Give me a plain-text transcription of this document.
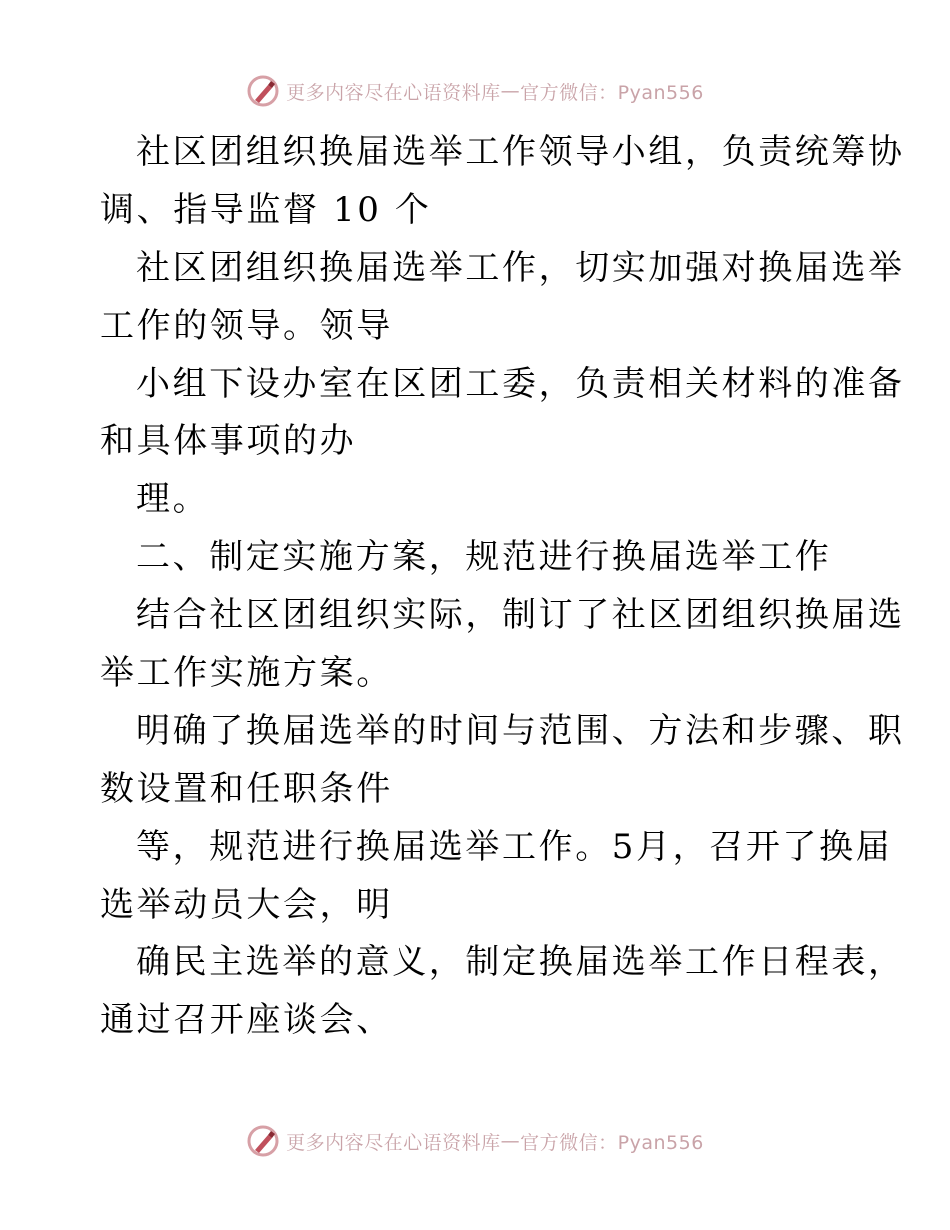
更多内容尽在心语资料库 — 官方微信：Pyan556
社区团组织换届选举工作领导小组，负责统筹协
调、指导监督 10 个
社区团组织换届选举工作，切实加强对换届选举
工作的领导。领导
小组下设办室在区团工委，负责相关材料的准备
和具体事项的办
理。
二、制定实施方案，规范进行换届选举工作
结合社区团组织实际，制订了社区团组织换届选
举工作实施方案。
明确了换届选举的时间与范围、方法和步骤、职
数设置和任职条件
等，规范进行换届选举工作。5月，召开了换届
选举动员大会，明
确民主选举的意义，制定换届选举工作日程表，
通过召开座谈会、
更多内容尽在心语资料库 — 官方微信：Pyan556
